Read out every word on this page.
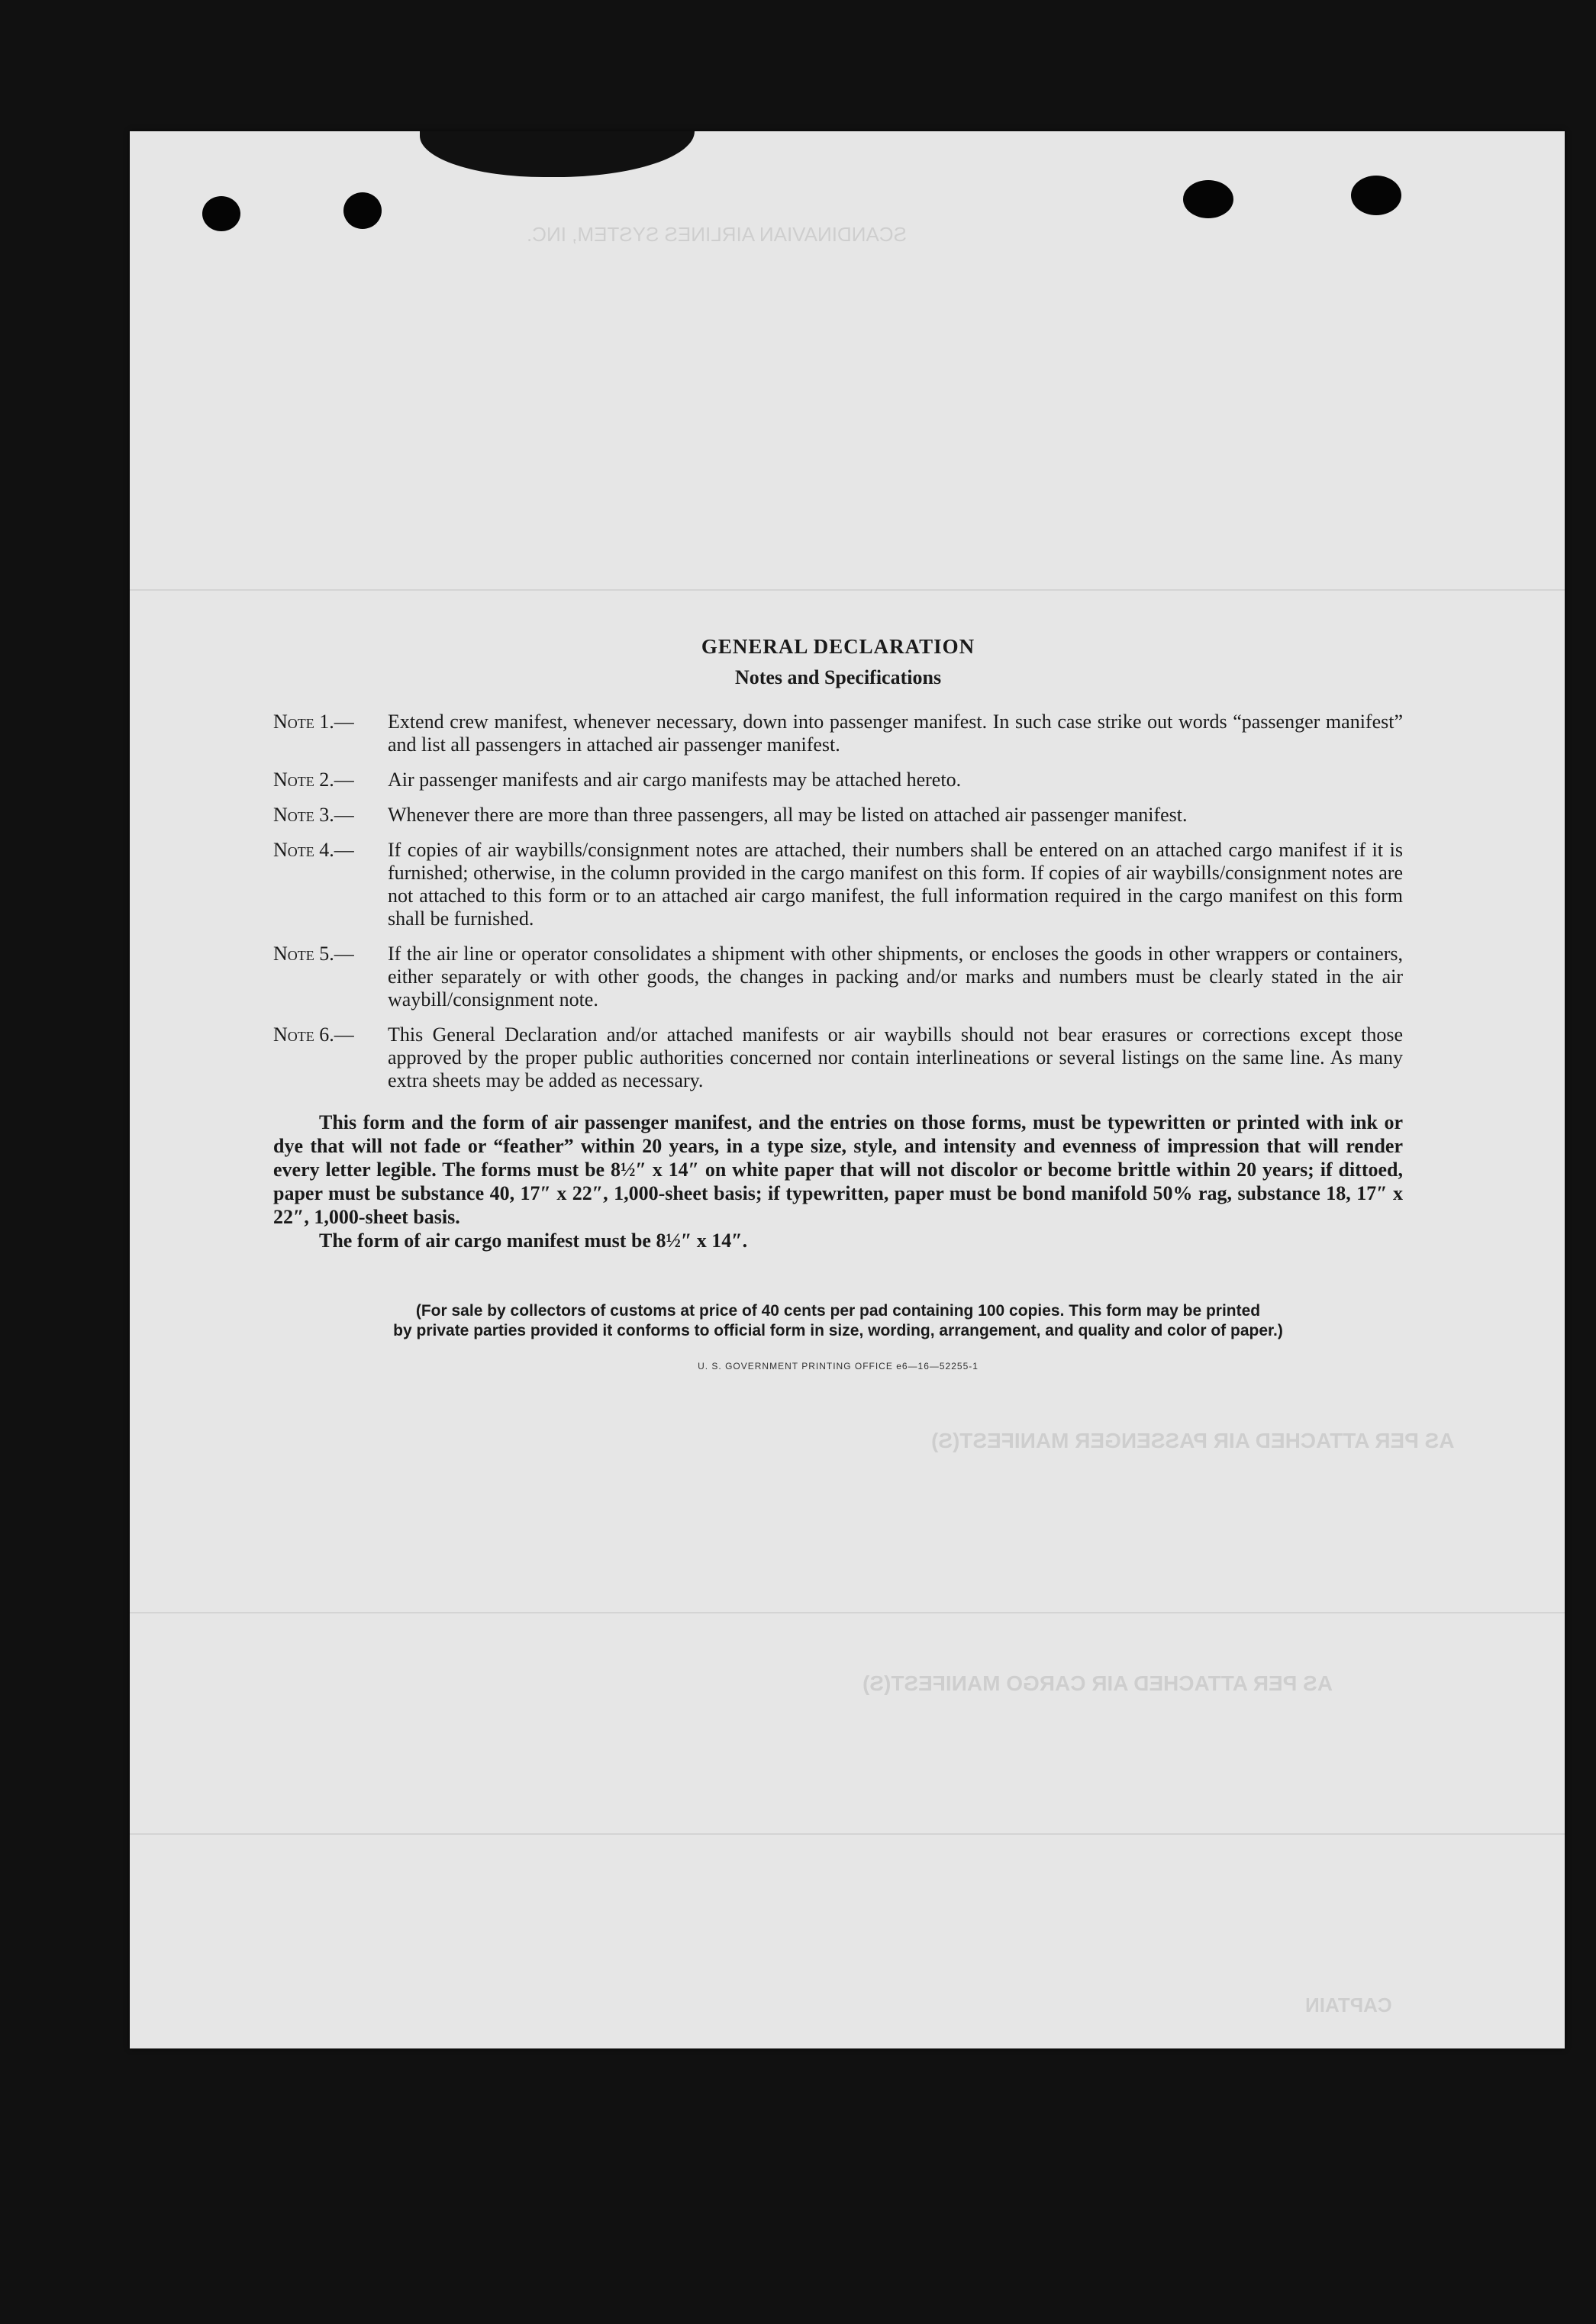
SCANDINAVIAN AIRLINES SYSTEM, INC.
AS PER ATTACHED AIR PASSENGER MANIFEST(S)
AS PER ATTACHED AIR CARGO MANIFEST(S)
CAPTAIN
GENERAL DECLARATION
Notes and Specifications
Note 1.—	Extend crew manifest, whenever necessary, down into passenger manifest. In such case strike out words “passenger manifest” and list all passengers in attached air passenger manifest.
Note 2.—	Air passenger manifests and air cargo manifests may be attached hereto.
Note 3.—	Whenever there are more than three passengers, all may be listed on attached air passenger manifest.
Note 4.—	If copies of air waybills/consignment notes are attached, their numbers shall be entered on an attached cargo manifest if it is furnished; otherwise, in the column provided in the cargo manifest on this form. If copies of air waybills/consignment notes are not attached to this form or to an attached air cargo manifest, the full information required in the cargo manifest on this form shall be furnished.
Note 5.—	If the air line or operator consolidates a shipment with other shipments, or encloses the goods in other wrappers or containers, either separately or with other goods, the changes in packing and/or marks and numbers must be clearly stated in the air waybill/consignment note.
Note 6.—	This General Declaration and/or attached manifests or air waybills should not bear erasures or corrections except those approved by the proper public authorities concerned nor contain interlineations or several listings on the same line. As many extra sheets may be added as necessary.

This form and the form of air passenger manifest, and the entries on those forms, must be typewritten or printed with ink or dye that will not fade or “feather” within 20 years, in a type size, style, and intensity and evenness of impression that will render every letter legible. The forms must be 8½″ x 14″ on white paper that will not discolor or become brittle within 20 years; if dittoed, paper must be substance 40, 17″ x 22″, 1,000-sheet basis; if typewritten, paper must be bond manifold 50% rag, substance 18, 17″ x 22″, 1,000-sheet basis.

The form of air cargo manifest must be 8½″ x 14″.

(For sale by collectors of customs at price of 40 cents per pad containing 100 copies. This form may be printed
by private parties provided it conforms to official form in size, wording, arrangement, and quality and color of paper.)
U. S. GOVERNMENT PRINTING OFFICE e6—16—52255-1
